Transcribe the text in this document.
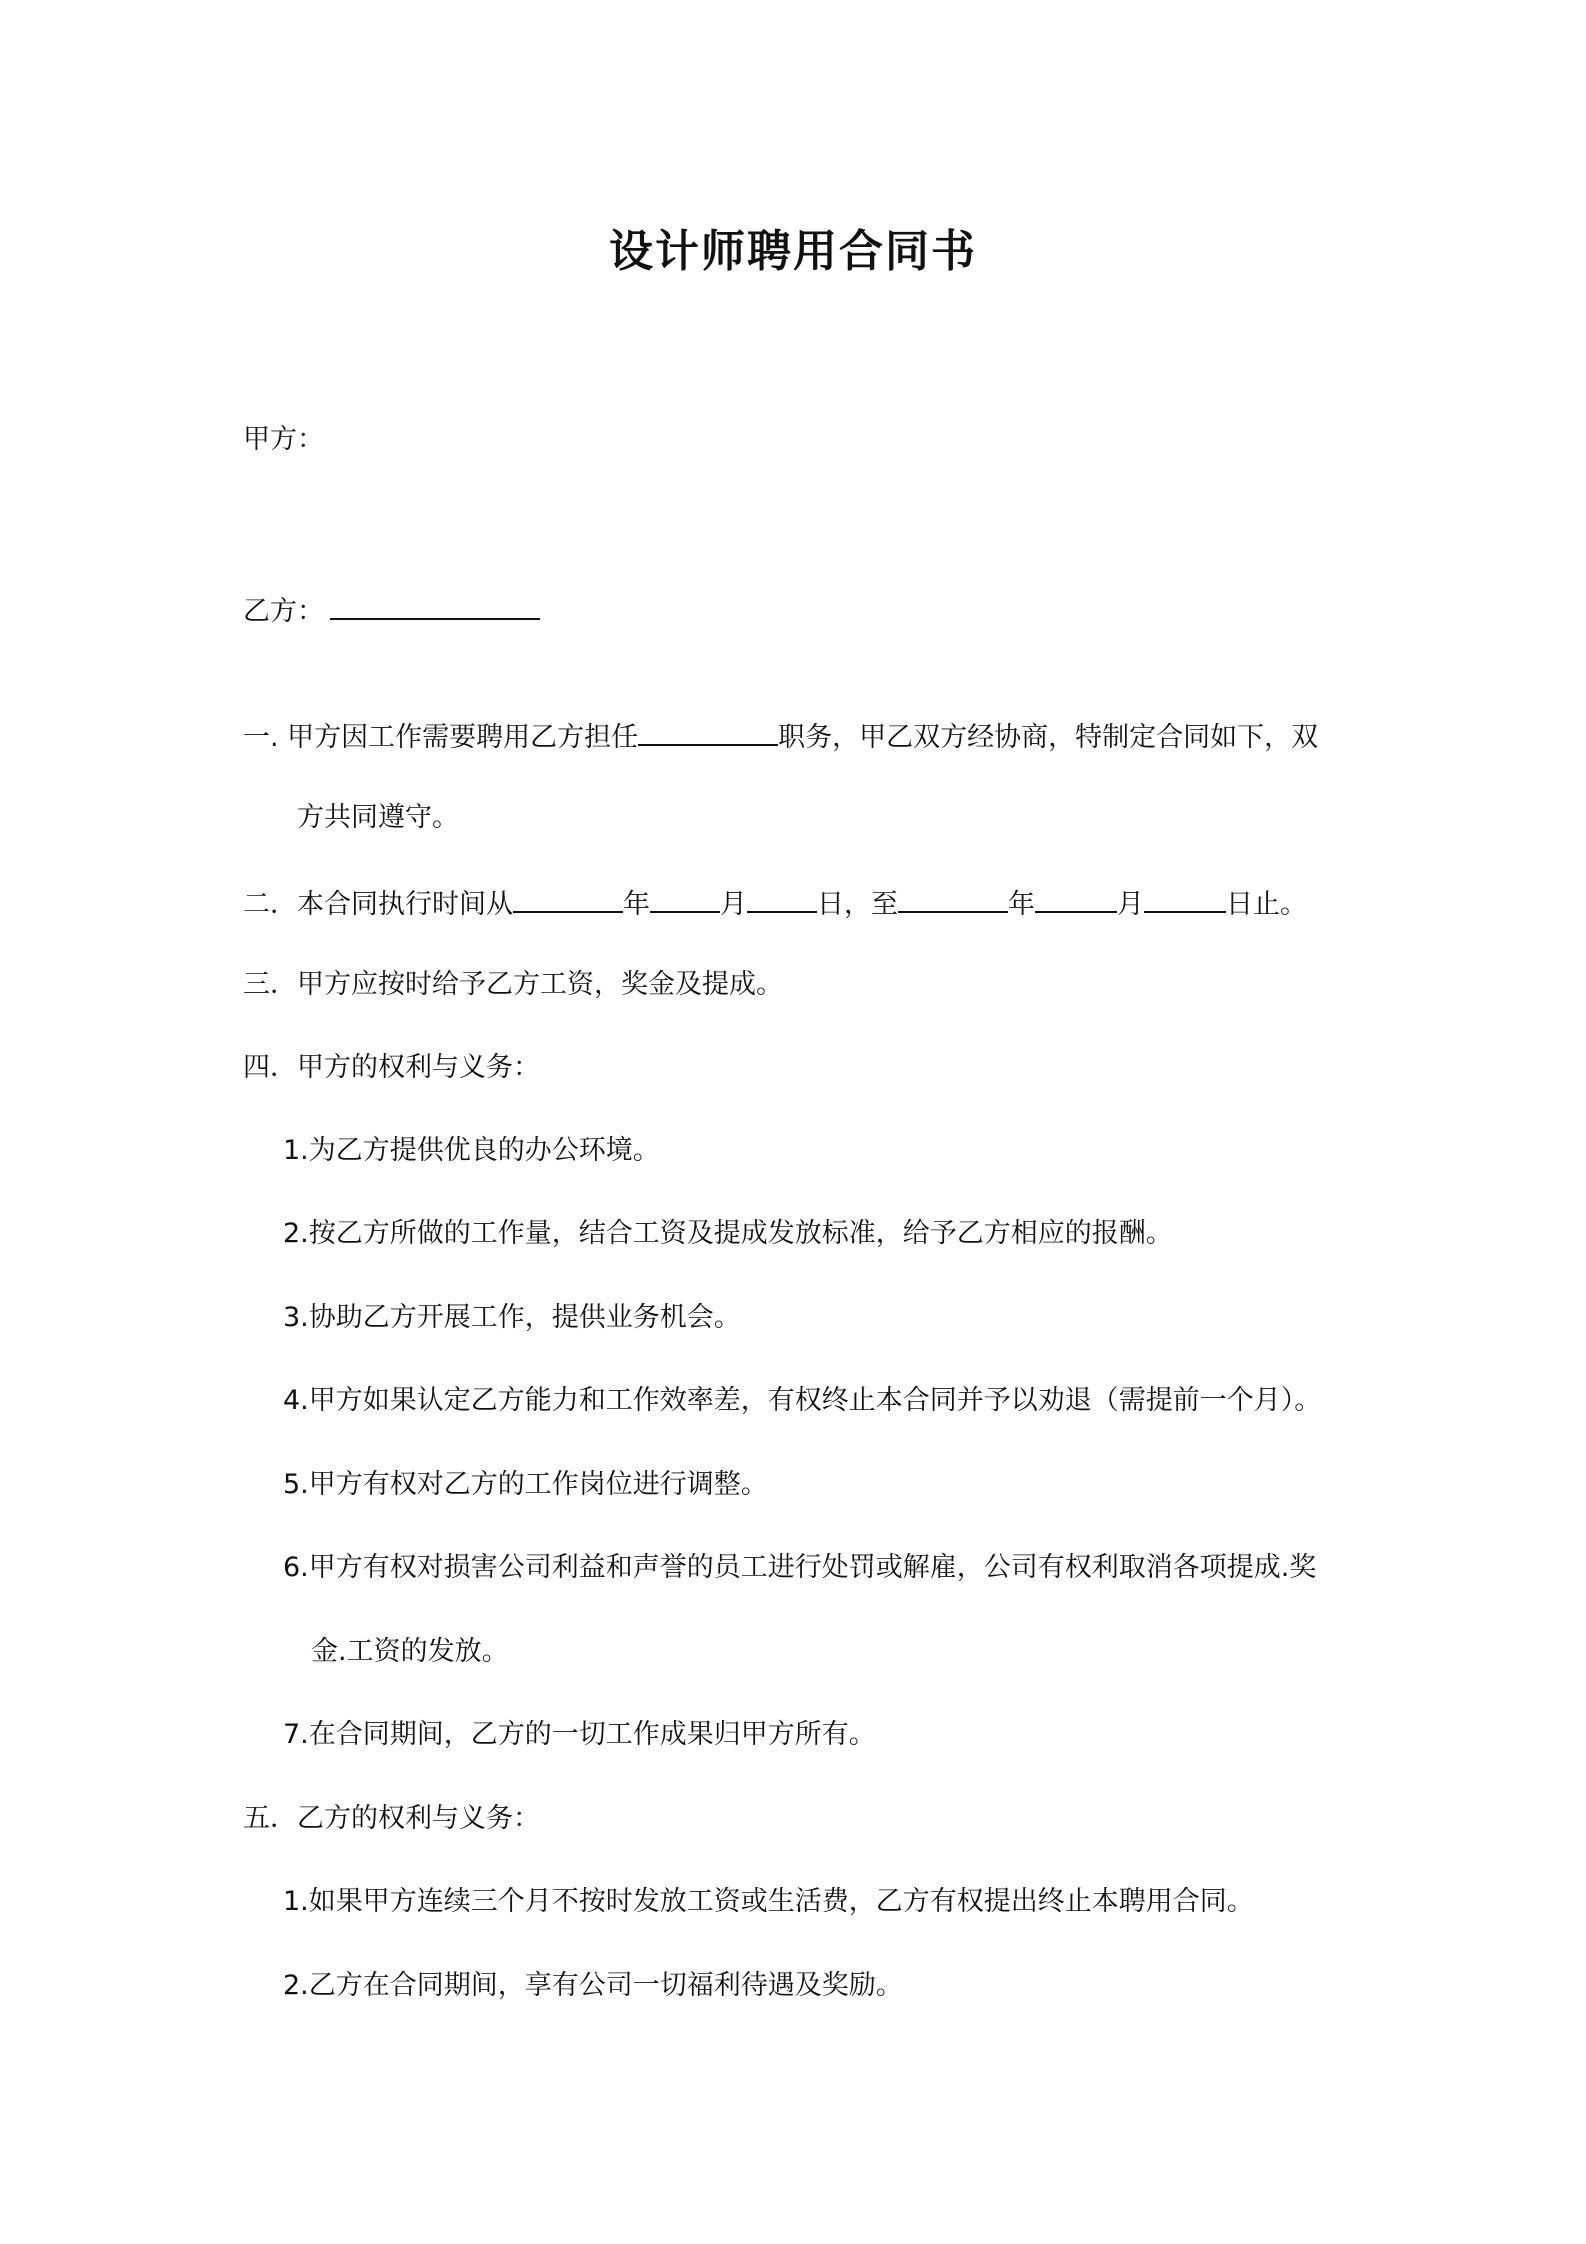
设计师聘用合同书
甲方：
乙方：
一. 甲方因工作需要聘用乙方担任	职务，甲乙双方经协商，特制定合同如下，双
方共同遵守。
二．本合同执行时间从	年	月	日，至	年	月	日止。
三．甲方应按时给予乙方工资，奖金及提成。
四．甲方的权利与义务：
1.为乙方提供优良的办公环境。
2.按乙方所做的工作量，结合工资及提成发放标准，给予乙方相应的报酬。
3.协助乙方开展工作，提供业务机会。
4.甲方如果认定乙方能力和工作效率差，有权终止本合同并予以劝退（需提前一个月）。
5.甲方有权对乙方的工作岗位进行调整。
6.甲方有权对损害公司利益和声誉的员工进行处罚或解雇，公司有权利取消各项提成.奖
金.工资的发放。
7.在合同期间，乙方的一切工作成果归甲方所有。
五．乙方的权利与义务：
1.如果甲方连续三个月不按时发放工资或生活费，乙方有权提出终止本聘用合同。
2.乙方在合同期间，享有公司一切福利待遇及奖励。
